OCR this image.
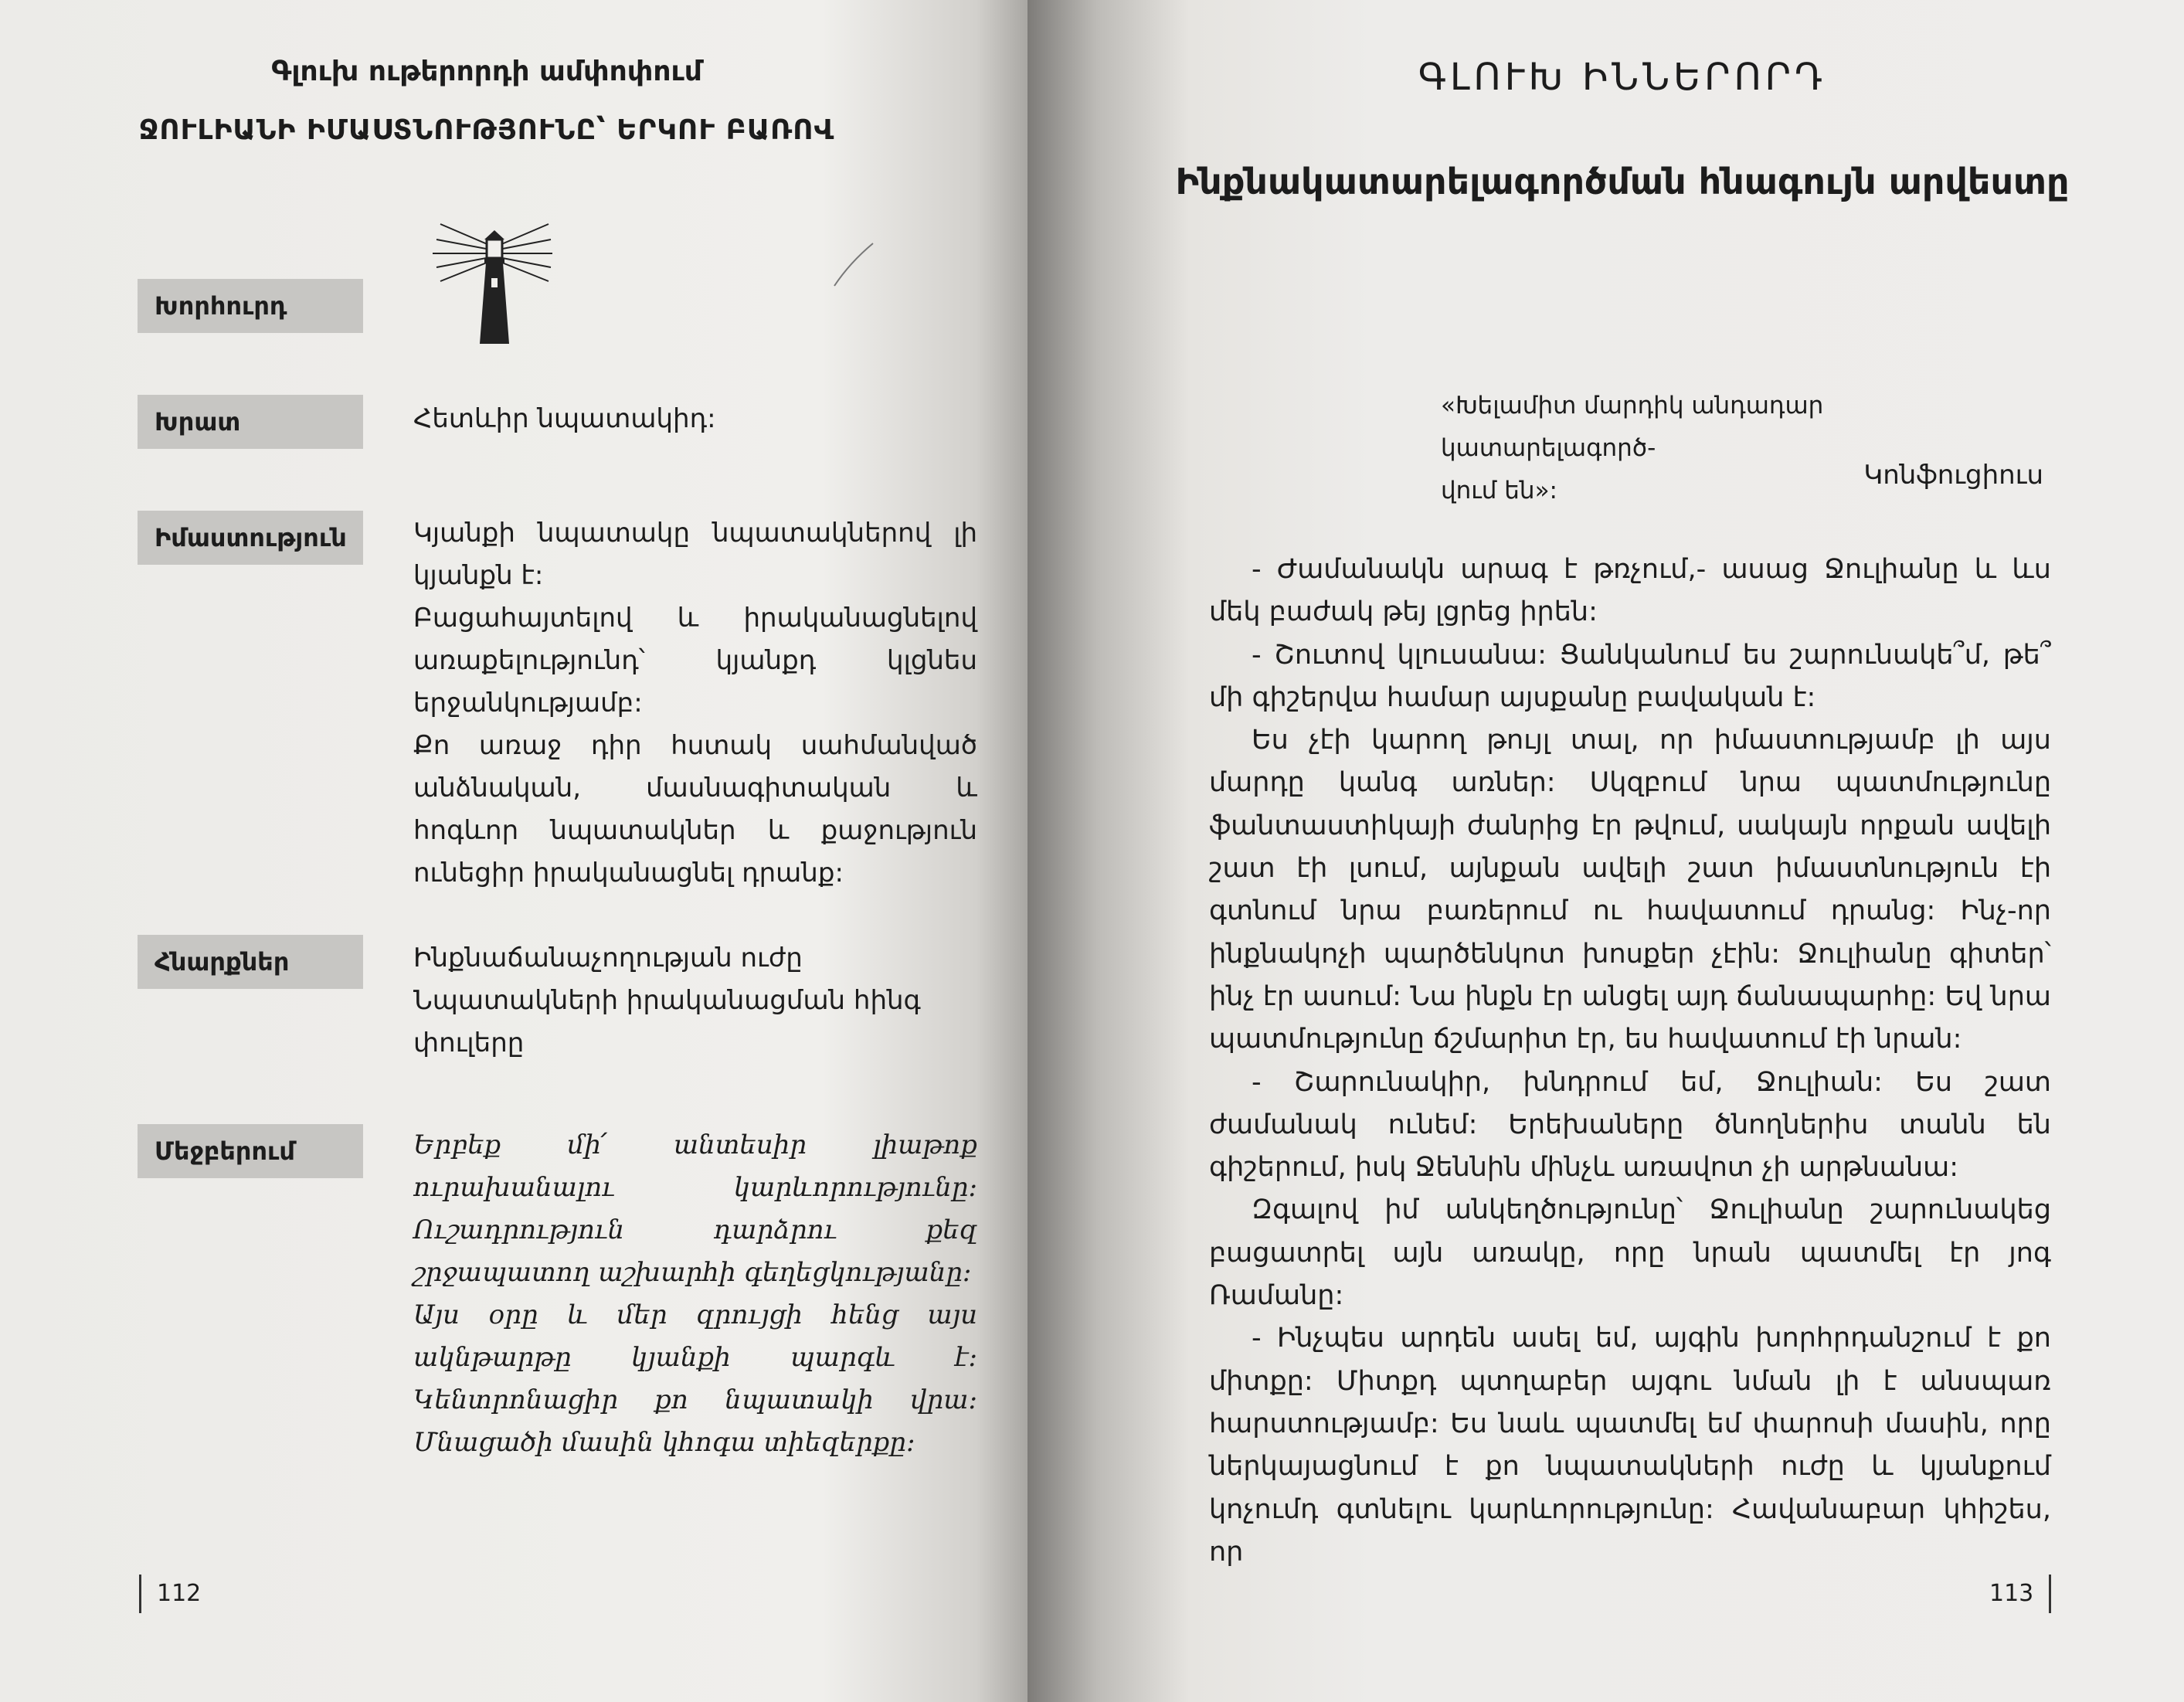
Գլուխ ութերորդի ամփոփում
ՋՈՒԼԻԱՆԻ ԻՄԱՍՏՆՈՒԹՅՈՒՆԸ՝ ԵՐԿՈՒ ԲԱՌՈՎ
Խորհուրդ
Խրատ
Իմաստություն
Հնարքներ
Մեջբերում
Հետևիր նպատակիդ:

Կյանքի նպատակը նպատակներով լի կյանքն է:

Բացահայտելով և իրականացնելով առաքելությունդ՝ կյանքդ կլցնես երջանկությամբ:

Քո առաջ դիր հստակ սահմանված անձնական, մասնագիտական և հոգևոր նպատակներ և քաջություն ունեցիր իրականացնել դրանք:

Ինքնաճանաչողության ուժը

Նպատակների իրականացման հինգ փուլերը

Երբեք մի՛ անտեսիր լիաթոք ուրախանալու կարևորությունը: Ուշադրություն դարձրու քեզ շրջապատող աշխարհի գեղեցկությանը:

Այս օրը և մեր զրույցի հենց այս ակնթարթը կյանքի պարգև է: Կենտրոնացիր քո նպատակի վրա: Մնացածի մասին կհոգա տիեզերքը:

112
ԳԼՈՒԽ ԻՆՆԵՐՈՐԴ
Ինքնակատարելագործման հնագույն արվեստը

«Խելամիտ մարդիկ անդադար կատարելագործ-

վում են»:	Կոնֆուցիուս

- Ժամանակն արագ է թռչում,- ասաց Ջուլիանը և ևս մեկ բաժակ թեյ լցրեց իրեն:

- Շուտով կլուսանա: Ցանկանում ես շարունակե՞մ, թե՞ մի գիշերվա համար այսքանը բավական է:

Ես չէի կարող թույլ տալ, որ իմաստությամբ լի այս մարդը կանգ առներ: Սկզբում նրա պատմությունը ֆանտաստիկայի ժանրից էր թվում, սակայն որքան ավելի շատ էի լսում, այնքան ավելի շատ իմաստնություն էի գտնում նրա բառերում ու հավատում դրանց: Ինչ-որ ինքնակոչի պարծենկոտ խոսքեր չէին: Ջուլիանը գիտեր՝ ինչ էր ասում: Նա ինքն էր անցել այդ ճանապարհը: Եվ նրա պատմությունը ճշմարիտ էր, ես հավատում էի նրան:

- Շարունակիր, խնդրում եմ, Ջուլիան: Ես շատ ժամանակ ունեմ: Երեխաները ծնողներիս տանն են գիշերում, իսկ Ջեննին մինչև առավոտ չի արթնանա:

Զգալով իմ անկեղծությունը՝ Ջուլիանը շարունակեց բացատրել այն առակը, որը նրան պատմել էր յոգ Ռամանը:

- Ինչպես արդեն ասել եմ, այգին խորհրդանշում է քո միտքը: Միտքդ պտղաբեր այգու նման լի է անսպառ հարստությամբ: Ես նաև պատմել եմ փարոսի մասին, որը ներկայացնում է քո նպատակների ուժը և կյանքում կոչումդ գտնելու կարևորությունը: Հավանաբար կհիշես, որ

113
